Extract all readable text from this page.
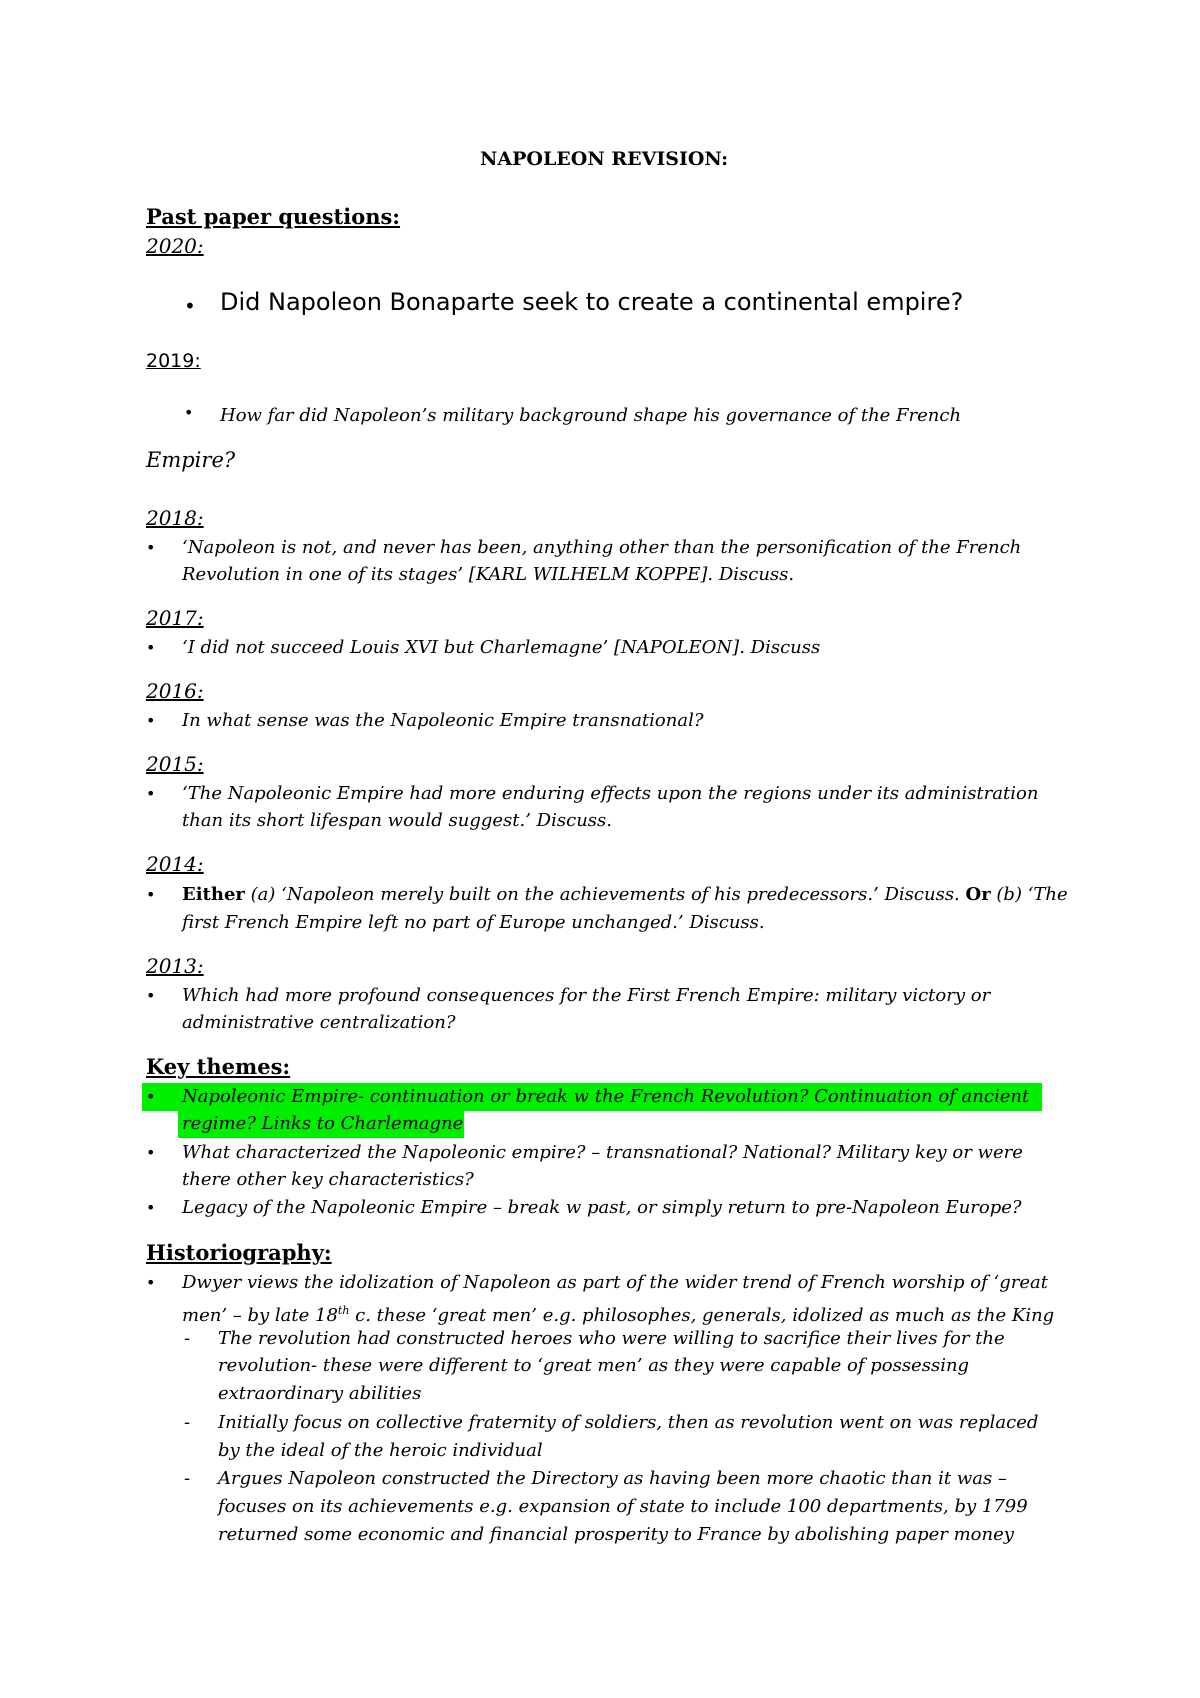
NAPOLEON REVISION:
Past paper questions:
2020:
• Did Napoleon Bonaparte seek to create a continental empire?
2019:
• How far did Napoleon’s military background shape his governance of the French
Empire?
2018:
• ‘Napoleon is not, and never has been, anything other than the personification of the French
Revolution in one of its stages’ [KARL WILHELM KOPPE]. Discuss.
2017:
• ‘I did not succeed Louis XVI but Charlemagne’ [NAPOLEON]. Discuss
2016:
• In what sense was the Napoleonic Empire transnational?
2015:
• ‘The Napoleonic Empire had more enduring effects upon the regions under its administration
than its short lifespan would suggest.’ Discuss.
2014:
• Either (a) ‘Napoleon merely built on the achievements of his predecessors.’ Discuss. Or (b) ‘The
first French Empire left no part of Europe unchanged.’ Discuss.
2013:
• Which had more profound consequences for the First French Empire: military victory or
administrative centralization?
Key themes:
• Napoleonic Empire- continuation or break w the French Revolution? Continuation of ancient
regime? Links to Charlemagne
• What characterized the Napoleonic empire? – transnational? National? Military key or were
there other key characteristics?
• Legacy of the Napoleonic Empire – break w past, or simply return to pre-Napoleon Europe?
Historiography:
• Dwyer views the idolization of Napoleon as part of the wider trend of French worship of ‘great
men’ – by late 18th c. these ‘great men’ e.g. philosophes, generals, idolized as much as the King
- The revolution had constructed heroes who were willing to sacrifice their lives for the
revolution- these were different to ‘great men’ as they were capable of possessing
extraordinary abilities
- Initially focus on collective fraternity of soldiers, then as revolution went on was replaced
by the ideal of the heroic individual
- Argues Napoleon constructed the Directory as having been more chaotic than it was –
focuses on its achievements e.g. expansion of state to include 100 departments, by 1799
returned some economic and financial prosperity to France by abolishing paper money
